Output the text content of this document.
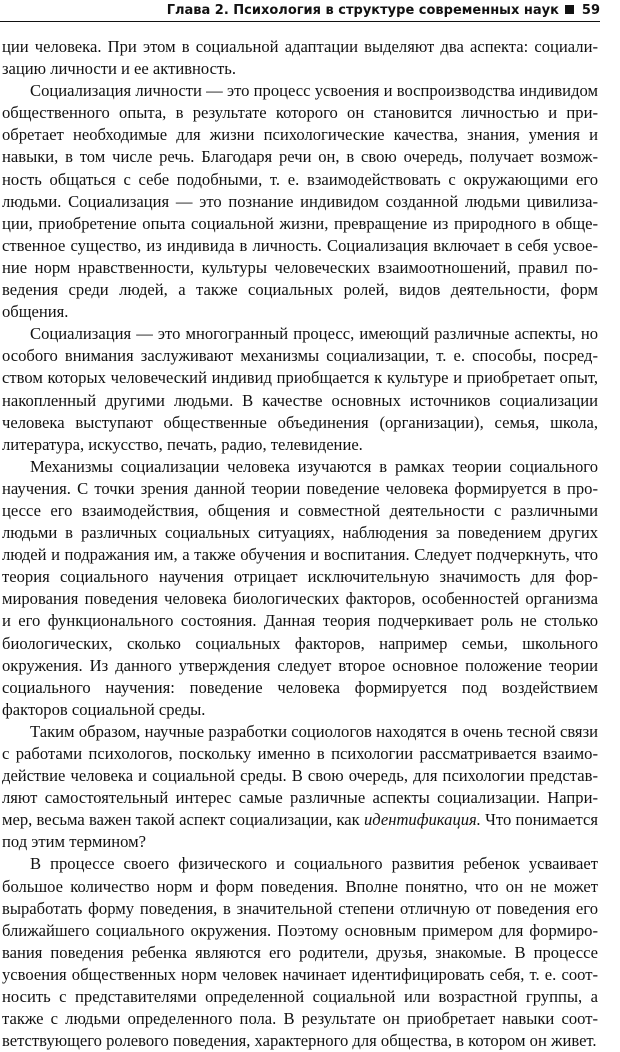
Глава 2. Психология в структуре современных наук 59

ции человека. При этом в социальной адаптации выделяют два аспекта: социализацию личности и ее активность.

Социализация личности — это процесс усвоения и воспроизводства индивидом общественного опыта, в результате которого он становится личностью и приобретает необходимые для жизни психологические качества, знания, умения и навыки, в том числе речь. Благодаря речи он, в свою очередь, получает возможность общаться с себе подобными, т. е. взаимодействовать с окружающими его людьми. Социализация — это познание индивидом созданной людьми цивилизации, приобретение опыта социальной жизни, превращение из природного в общественное существо, из индивида в личность. Социализация включает в себя усвоение норм нравственности, культуры человеческих взаимоотношений, правил поведения среди людей, а также социальных ролей, видов деятельности, форм общения.

Социализация — это многогранный процесс, имеющий различные аспекты, но особого внимания заслуживают механизмы социализации, т. е. способы, посредством которых человеческий индивид приобщается к культуре и приобретает опыт, накопленный другими людьми. В качестве основных источников социализации человека выступают общественные объединения (организации), семья, школа, литература, искусство, печать, радио, телевидение.

Механизмы социализации человека изучаются в рамках теории социального научения. С точки зрения данной теории поведение человека формируется в процессе его взаимодействия, общения и совместной деятельности с различными людьми в различных социальных ситуациях, наблюдения за поведением других людей и подражания им, а также обучения и воспитания. Следует подчеркнуть, что теория социального научения отрицает исключительную значимость для формирования поведения человека биологических факторов, особенностей организма и его функционального состояния. Данная теория подчеркивает роль не столько биологических, сколько социальных факторов, например семьи, школьного окружения. Из данного утверждения следует второе основное положение теории социального научения: поведение человека формируется под воздействием факторов социальной среды.

Таким образом, научные разработки социологов находятся в очень тесной связи с работами психологов, поскольку именно в психологии рассматривается взаимодействие человека и социальной среды. В свою очередь, для психологии представляют самостоятельный интерес самые различные аспекты социализации. Например, весьма важен такой аспект социализации, как идентификация. Что понимается под этим термином?

В процессе своего физического и социального развития ребенок усваивает большое количество норм и форм поведения. Вполне понятно, что он не может выработать форму поведения, в значительной степени отличную от поведения его ближайшего социального окружения. Поэтому основным примером для формирования поведения ребенка являются его родители, друзья, знакомые. В процессе усвоения общественных норм человек начинает идентифицировать себя, т. е. соотносить с представителями определенной социальной или возрастной группы, а также с людьми определенного пола. В результате он приобретает навыки соответствующего ролевого поведения, характерного для общества, в котором он живет.
